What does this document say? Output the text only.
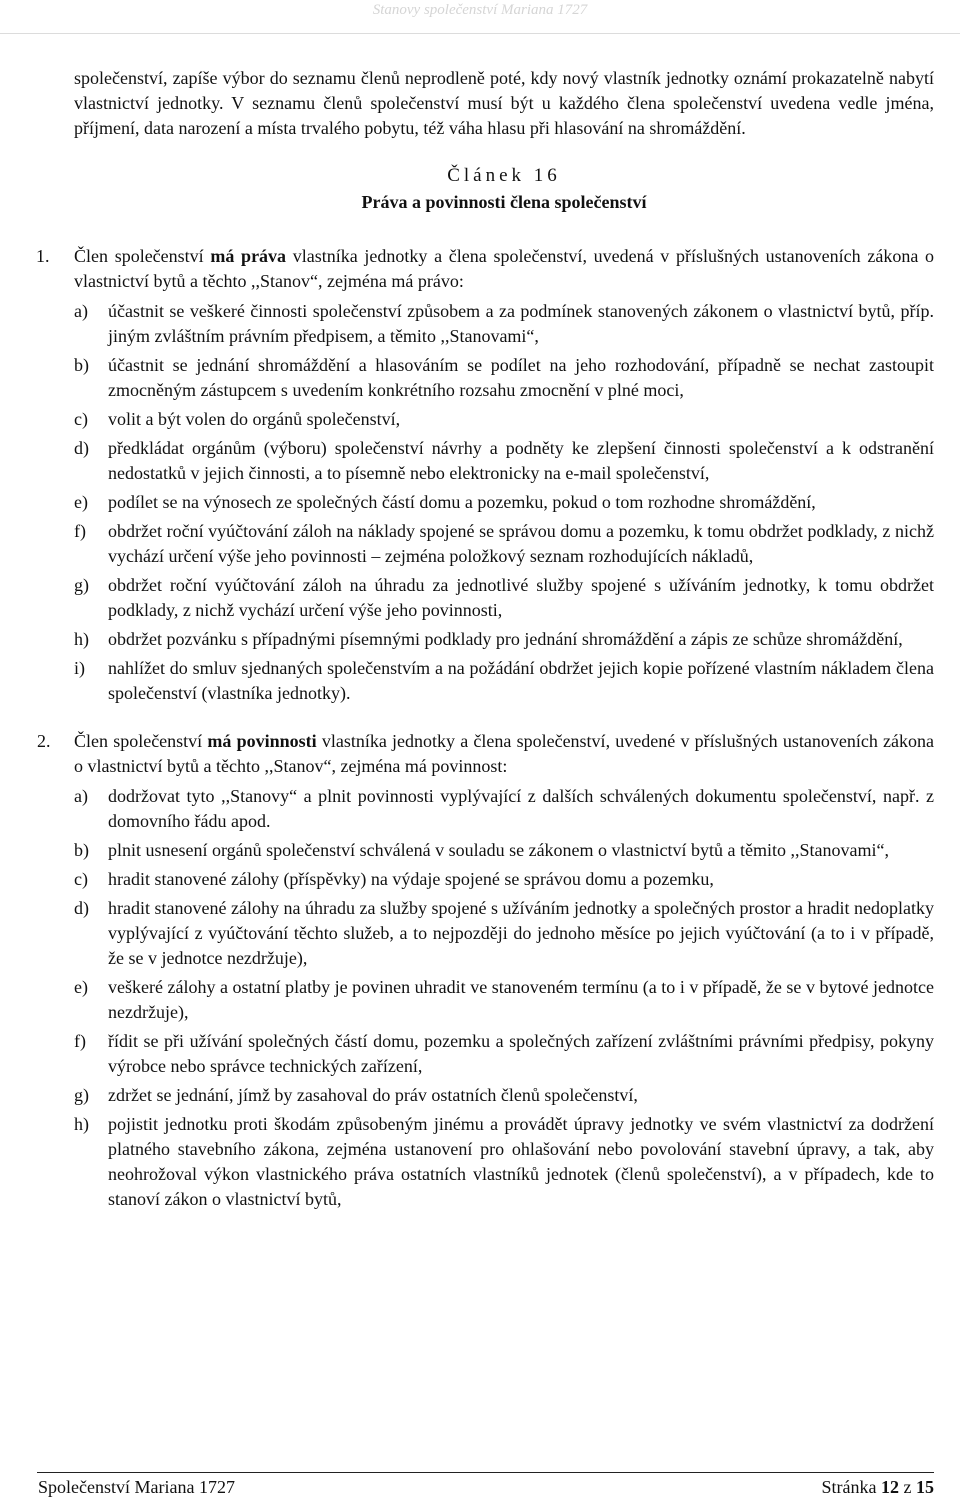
Stanovy společenství Mariana 1727

společenství, zapíše výbor do seznamu členů neprodleně poté, kdy nový vlastník jednotky oznámí prokazatelně nabytí vlastnictví jednotky. V seznamu členů společenství musí být u každého člena společenství uvedena vedle jména, příjmení, data narození a místa trvalého pobytu, též váha hlasu při hlasování na shromáždění.

Článek 16
Práva a povinnosti člena společenství
1. Člen společenství má práva vlastníka jednotky a člena společenství, uvedená v příslušných ustanoveních zákona o vlastnictví bytů a těchto ,,Stanov“, zejména má právo:

a)	účastnit se veškeré činnosti společenství způsobem a za podmínek stanovených zákonem o vlastnictví bytů, příp. jiným zvláštním právním předpisem, a těmito ,,Stanovami“,
b)	účastnit se jednání shromáždění a hlasováním se podílet na jeho rozhodování, případně se nechat zastoupit zmocněným zástupcem s uvedením konkrétního rozsahu zmocnění v plné moci,
c)	volit a být volen do orgánů společenství,
d)	předkládat orgánům (výboru) společenství návrhy a podněty ke zlepšení činnosti společenství a k odstranění nedostatků v jejich činnosti, a to písemně nebo elektronicky na e-mail společenství,
e)	podílet se na výnosech ze společných částí domu a pozemku, pokud o tom rozhodne shromáždění,
f)	obdržet roční vyúčtování záloh na náklady spojené se správou domu a pozemku, k tomu obdržet podklady, z nichž vychází určení výše jeho povinnosti – zejména položkový seznam rozhodujících nákladů,
g)	obdržet roční vyúčtování záloh na úhradu za jednotlivé služby spojené s užíváním jednotky, k tomu obdržet podklady, z nichž vychází určení výše jeho povinnosti,
h)	obdržet pozvánku s případnými písemnými podklady pro jednání shromáždění a zápis ze schůze shromáždění,
i)	nahlížet do smluv sjednaných společenstvím a na požádání obdržet jejich kopie pořízené vlastním nákladem člena společenství (vlastníka jednotky).
2. Člen společenství má povinnosti vlastníka jednotky a člena společenství, uvedené v příslušných ustanoveních zákona o vlastnictví bytů a těchto ,,Stanov“, zejména má povinnost:

a)	dodržovat tyto ,,Stanovy“ a plnit povinnosti vyplývající z dalších schválených dokumentu společenství, např. z domovního řádu apod.
b)	plnit usnesení orgánů společenství schválená v souladu se zákonem o vlastnictví bytů a těmito ,,Stanovami“,
c)	hradit stanovené zálohy (příspěvky) na výdaje spojené se správou domu a pozemku,
d)	hradit stanovené zálohy na úhradu za služby spojené s užíváním jednotky a společných prostor a hradit nedoplatky vyplývající z vyúčtování těchto služeb, a to nejpozději do jednoho měsíce po jejich vyúčtování (a to i v případě, že se v jednotce nezdržuje),
e)	veškeré zálohy a ostatní platby je povinen uhradit ve stanoveném termínu (a to i v případě, že se v bytové jednotce nezdržuje),
f)	řídit se při užívání společných částí domu, pozemku a společných zařízení zvláštními právními předpisy, pokyny výrobce nebo správce technických zařízení,
g)	zdržet se jednání, jímž by zasahoval do práv ostatních členů společenství,
h)	pojistit jednotku proti škodám způsobeným jinému a provádět úpravy jednotky ve svém vlastnictví za dodržení platného stavebního zákona, zejména ustanovení pro ohlašování nebo povolování stavební úpravy, a tak, aby neohrožoval výkon vlastnického práva ostatních vlastníků jednotek (členů společenství), a v případech, kde to stanoví zákon o vlastnictví bytů,
Společenství Mariana 1727	Stránka 12 z 15
